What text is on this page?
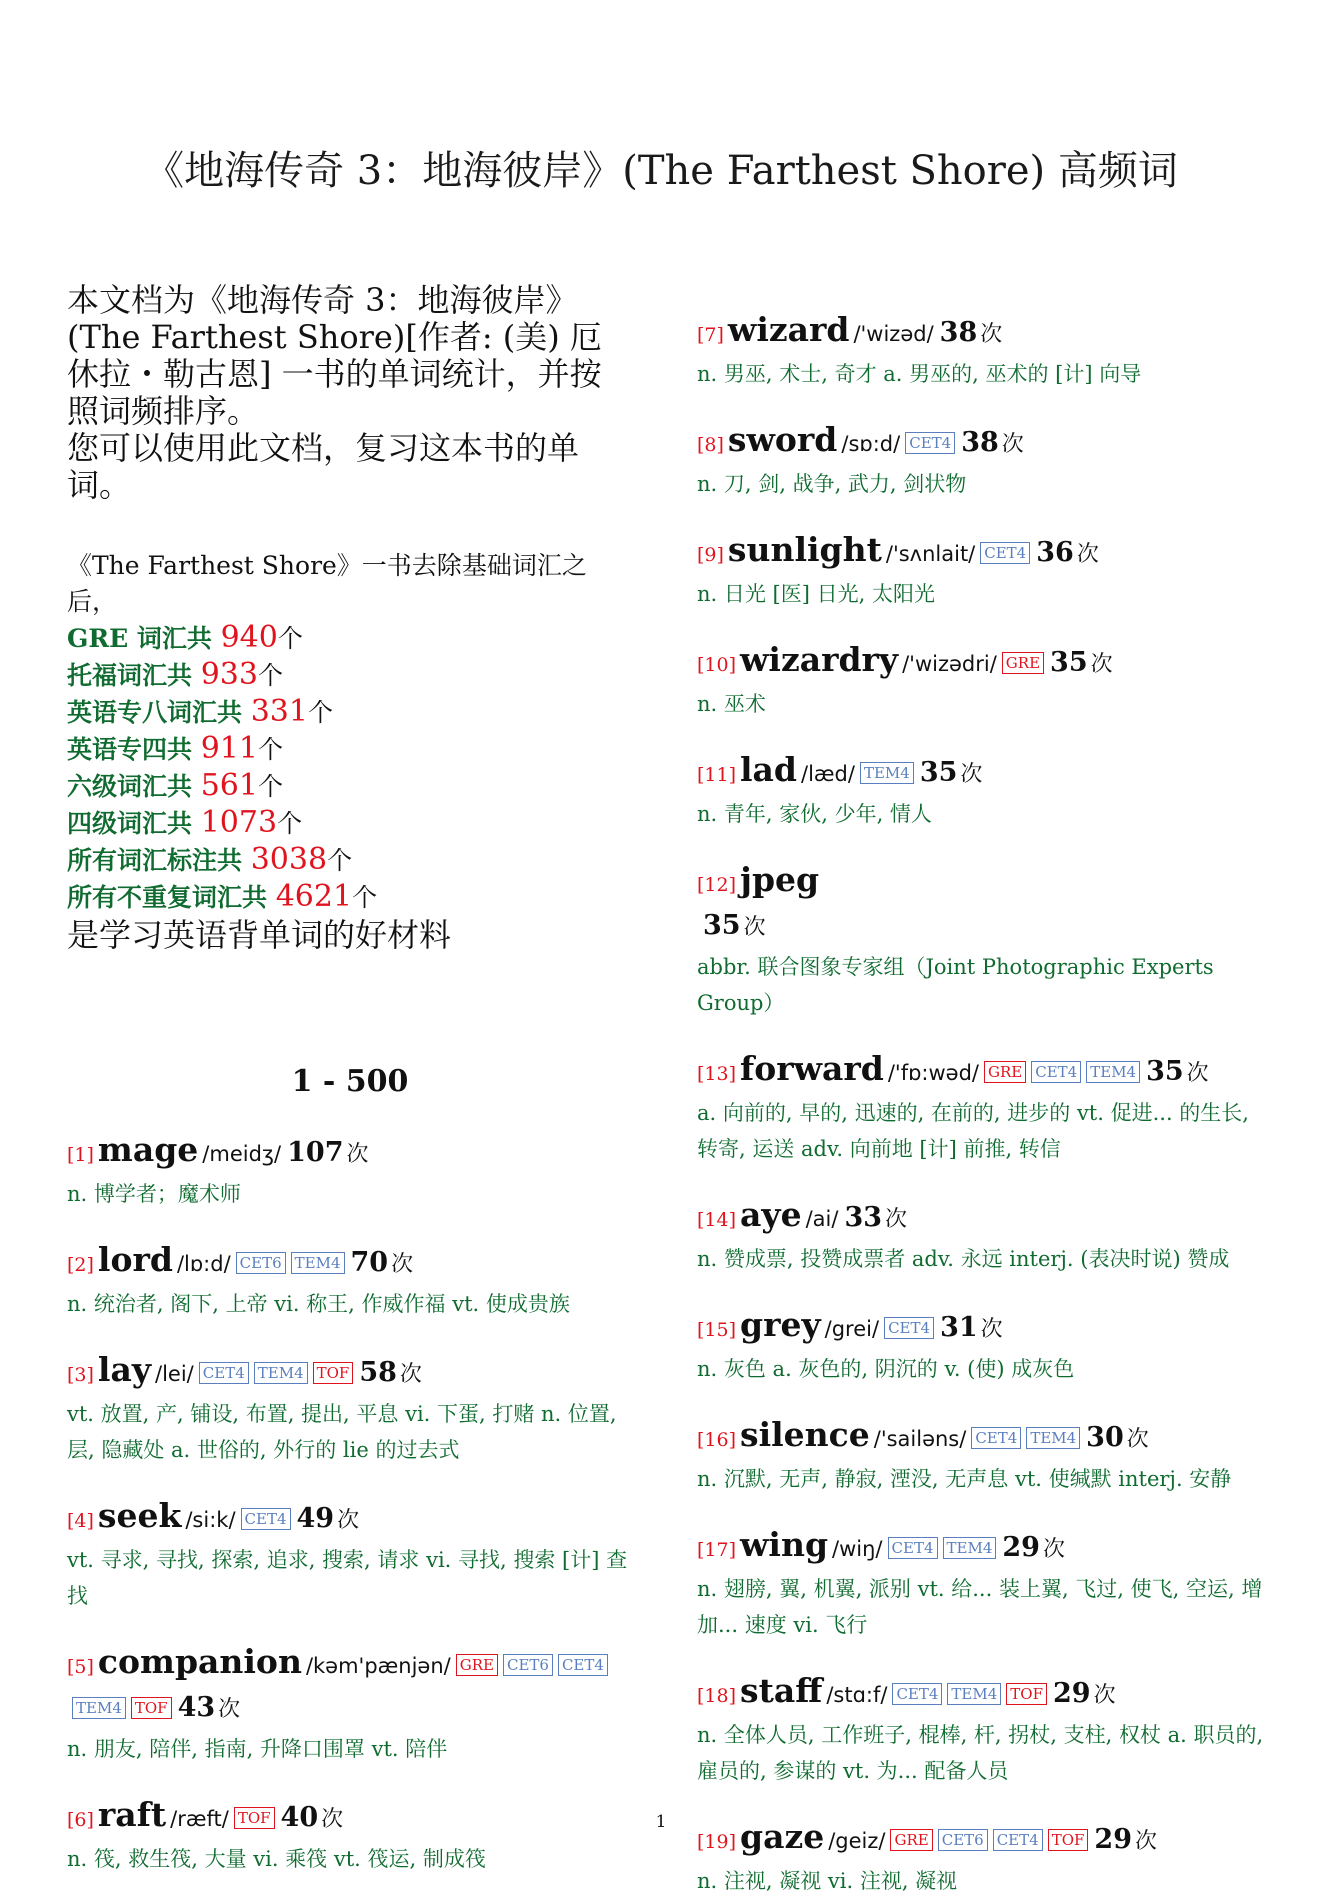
《地海传奇 3：地海彼岸》(The Farthest Shore) 高频词

本文档为《地海传奇 3：地海彼岸》(The Farthest Shore)[作者: (美) 厄休拉・勒古恩] 一书的单词统计，并按照词频排序。

您可以使用此文档，复习这本书的单词。

《The Farthest Shore》一书去除基础词汇之后，
GRE 词汇共 940个
托福词汇共 933个
英语专八词汇共 331个
英语专四共 911个
六级词汇共 561个
四级词汇共 1073个
所有词汇标注共 3038个
所有不重复词汇共 4621个
是学习英语背单词的好材料
1 - 500
[1] mage /meidʒ/ 107 次
n. 博学者；魔术师
[2] lord /lɒ:d/ CET6 TEM4 70 次
n. 统治者, 阁下, 上帝 vi. 称王, 作威作福 vt. 使成贵族
[3] lay /lei/ CET4 TEM4 TOF 58 次
vt. 放置, 产, 铺设, 布置, 提出, 平息 vi. 下蛋, 打赌 n. 位置, 层, 隐藏处 a. 世俗的, 外行的 lie 的过去式
[4] seek /si:k/ CET4 49 次
vt. 寻求, 寻找, 探索, 追求, 搜索, 请求 vi. 寻找, 搜索 [计] 查找
[5] companion /kəm'pænjən/ GRE CET6 CET4TEM4 TOF 43 次
n. 朋友, 陪伴, 指南, 升降口围罩 vt. 陪伴
[6] raft /ræft/ TOF 40 次
n. 筏, 救生筏, 大量 vi. 乘筏 vt. 筏运, 制成筏
[7] wizard /'wizəd/ 38 次
n. 男巫, 术士, 奇才 a. 男巫的, 巫术的 [计] 向导
[8] sword /sɒ:d/ CET4 38 次
n. 刀, 剑, 战争, 武力, 剑状物
[9] sunlight /'sʌnlait/ CET4 36 次
n. 日光 [医] 日光, 太阳光
[10] wizardry /'wizədri/ GRE 35 次
n. 巫术
[11] lad /læd/ TEM4 35 次
n. 青年, 家伙, 少年, 情人
[12] jpeg
35 次
abbr. 联合图象专家组（Joint Photographic Experts Group）
[13] forward /'fɒ:wəd/ GRE CET4 TEM4 35 次
a. 向前的, 早的, 迅速的, 在前的, 进步的 vt. 促进... 的生长, 转寄, 运送 adv. 向前地 [计] 前推, 转信
[14] aye /ai/ 33 次
n. 赞成票, 投赞成票者 adv. 永远 interj. (表决时说) 赞成
[15] grey /grei/ CET4 31 次
n. 灰色 a. 灰色的, 阴沉的 v. (使) 成灰色
[16] silence /'sailəns/ CET4 TEM4 30 次
n. 沉默, 无声, 静寂, 湮没, 无声息 vt. 使缄默 interj. 安静
[17] wing /wiŋ/ CET4 TEM4 29 次
n. 翅膀, 翼, 机翼, 派别 vt. 给... 装上翼, 飞过, 使飞, 空运, 增加... 速度 vi. 飞行
[18] staff /stɑ:f/ CET4 TEM4 TOF 29 次
n. 全体人员, 工作班子, 棍棒, 杆, 拐杖, 支柱, 权杖 a. 职员的, 雇员的, 参谋的 vt. 为... 配备人员
[19] gaze /geiz/ GRE CET6 CET4 TOF 29 次
n. 注视, 凝视 vi. 注视, 凝视
1
